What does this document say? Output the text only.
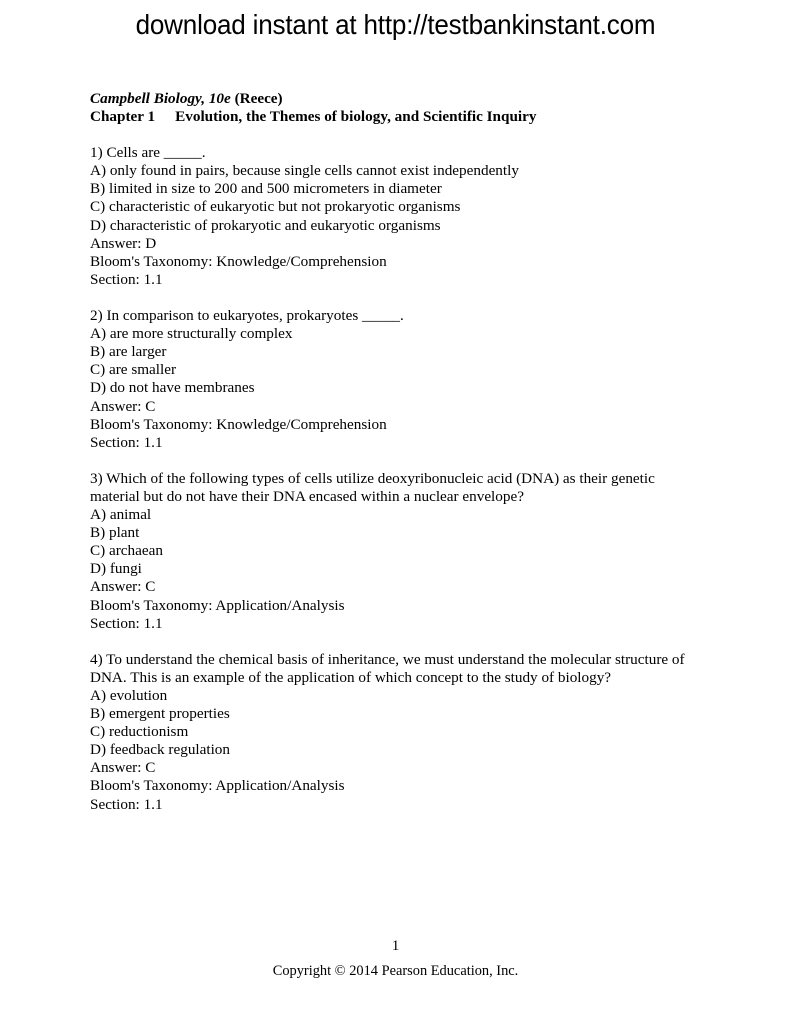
download instant at http://testbankinstant.com
Campbell Biology, 10e (Reece)
Chapter 1 Evolution, the Themes of biology, and Scientific Inquiry

1) Cells are _____.

A) only found in pairs, because single cells cannot exist independently

B) limited in size to 200 and 500 micrometers in diameter

C) characteristic of eukaryotic but not prokaryotic organisms

D) characteristic of prokaryotic and eukaryotic organisms

Answer: D

Bloom's Taxonomy: Knowledge/Comprehension

Section: 1.1

2) In comparison to eukaryotes, prokaryotes _____.

A) are more structurally complex

B) are larger

C) are smaller

D) do not have membranes

Answer: C

Bloom's Taxonomy: Knowledge/Comprehension

Section: 1.1

3) Which of the following types of cells utilize deoxyribonucleic acid (DNA) as their genetic material but do not have their DNA encased within a nuclear envelope?

A) animal

B) plant

C) archaean

D) fungi

Answer: C

Bloom's Taxonomy: Application/Analysis

Section: 1.1

4) To understand the chemical basis of inheritance, we must understand the molecular structure of DNA. This is an example of the application of which concept to the study of biology?

A) evolution

B) emergent properties

C) reductionism

D) feedback regulation

Answer: C

Bloom's Taxonomy: Application/Analysis

Section: 1.1

1
Copyright © 2014 Pearson Education, Inc.
